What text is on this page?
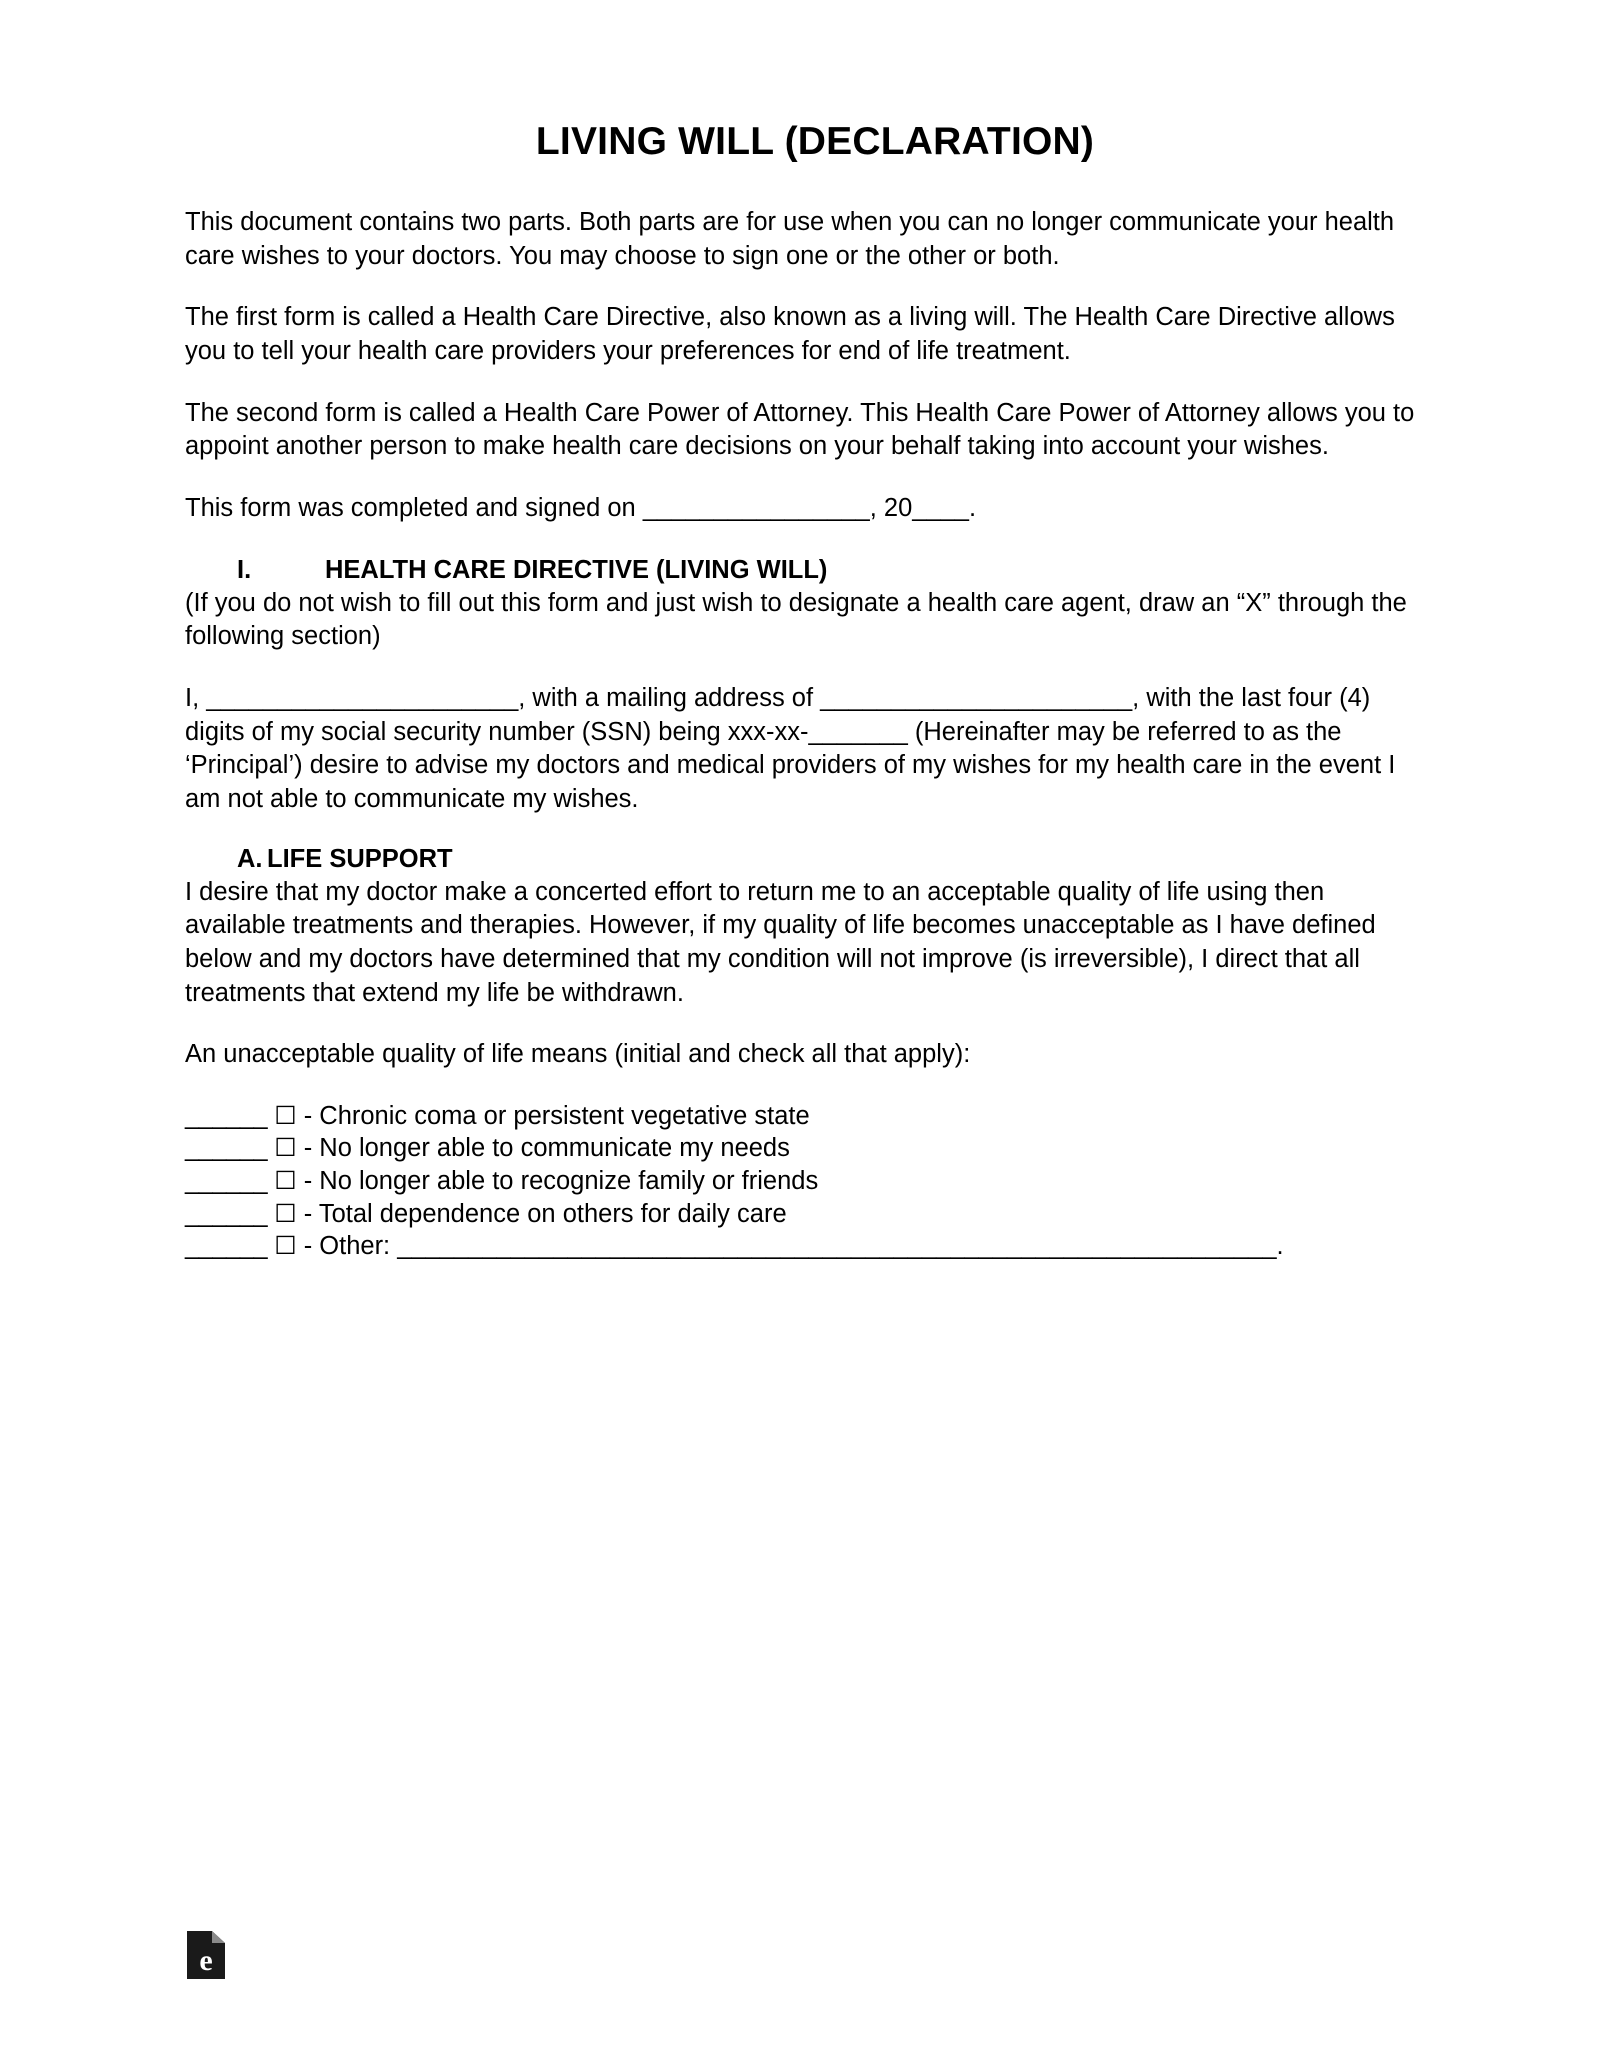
LIVING WILL (DECLARATION)

This document contains two parts. Both parts are for use when you can no longer communicate your health care wishes to your doctors. You may choose to sign one or the other or both.

The first form is called a Health Care Directive, also known as a living will. The Health Care Directive allows you to tell your health care providers your preferences for end of life treatment.

The second form is called a Health Care Power of Attorney. This Health Care Power of Attorney allows you to appoint another person to make health care decisions on your behalf taking into account your wishes.

This form was completed and signed on ________________, 20____.

I.	HEALTH CARE DIRECTIVE (LIVING WILL)

(If you do not wish to fill out this form and just wish to designate a health care agent, draw an “X” through the following section)

I, ______________________, with a mailing address of ______________________, with the last four (4) digits of my social security number (SSN) being xxx-xx-_______ (Hereinafter may be referred to as the ‘Principal’) desire to advise my doctors and medical providers of my wishes for my health care in the event I am not able to communicate my wishes.

A. LIFE SUPPORT

I desire that my doctor make a concerted effort to return me to an acceptable quality of life using then available treatments and therapies. However, if my quality of life becomes unacceptable as I have defined below and my doctors have determined that my condition will not improve (is irreversible), I direct that all treatments that extend my life be withdrawn.

An unacceptable quality of life means (initial and check all that apply):

______ ☐ - Chronic coma or persistent vegetative state
______ ☐ - No longer able to communicate my needs
______ ☐ - No longer able to recognize family or friends
______ ☐ - Total dependence on others for daily care
______ ☐ - Other: ______________________________________________________________.
e
